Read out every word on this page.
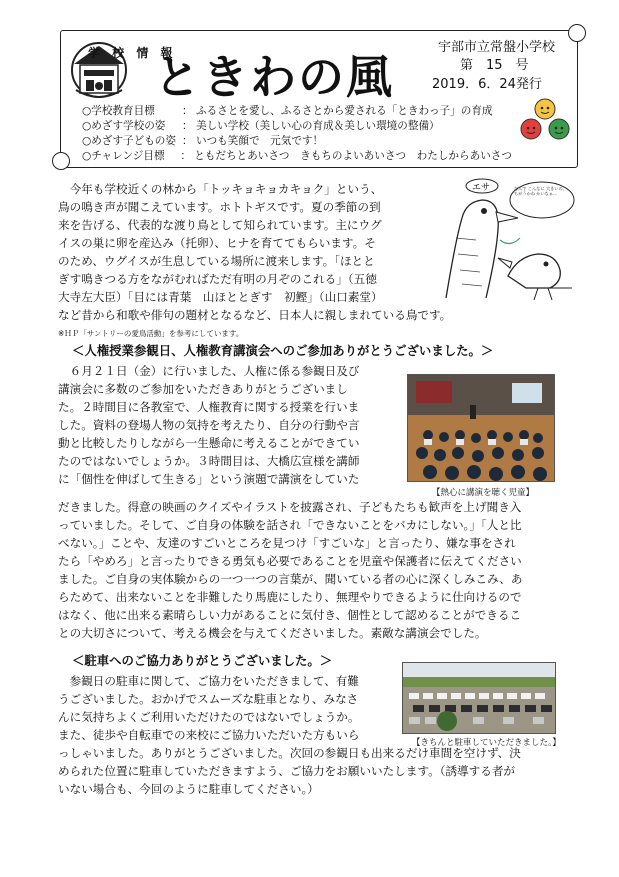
学 校 情 報
ときわの風
宇部市立常盤小学校
第　15　号
2019．6．24発行
○学校教育目標	： ふるさとを愛し、ふるさとから愛される「ときわっ子」の育成
○めざす学校の姿	： 美しい学校（美しい心の育成＆美しい環境の整備）
○めざす子どもの姿 ： いつも笑顔で　元気です！
○チャレンジ目標	： ともだちとあいさつ　きもちのよいあいさつ　わたしからあいさつ
　今年も学校近くの林から「トッキョキョカキョク」という、
鳥の鳴き声が聞こえています。ホトトギスです。夏の季節の到
来を告げる、代表的な渡り鳥として知られています。主にウグ
イスの巣に卵を産込み（托卵）、ヒナを育ててもらいます。そ
のため、ウグイスが生息している場所に渡来します。「ほとと
ぎす鳴きつる方をながむればただ有明の月ぞのこれる」（五徳
大寺左大臣）「目には青葉　山ほととぎす　初鰹」（山口素堂）
など昔から和歌や俳句の題材となるなど、日本人に親しまれている鳥です。
※ＨＰ「サントリーの愛鳥活動」を参考にしています。
エサ	なんで こんなに 大きいの、ちがうかね かいなぁ…
＜人権授業参観日、人権教育講演会へのご参加ありがとうございました。＞
　６月２１日（金）に行いました、人権に係る参観日及び
講演会に多数のご参加をいただきありがとうございまし
た。２時間目に各教室で、人権教育に関する授業を行いま
した。資料の登場人物の気持を考えたり、自分の行動や言
動と比較したりしながら一生懸命に考えることができてい
たのではないでしょうか。３時間目は、大橋広宣様を講師
に「個性を伸ばして生きる」という演題で講演をしていた
【熱心に講演を聴く児童】
だきました。得意の映画のクイズやイラストを披露され、子どもたちも歓声を上げ聞き入
っていました。そして、ご自身の体験を話され「できないことをバカにしない。」「人と比
べない。」ことや、友達のすごいところを見つけ「すごいな」と言ったり、嫌な事をされ
たら「やめろ」と言ったりできる勇気も必要であることを児童や保護者に伝えてください
ました。ご自身の実体験からの一つ一つの言葉が、聞いている者の心に深くしみこみ、あ
らためて、出来ないことを非難したり馬鹿にしたり、無理やりできるように仕向けるので
はなく、他に出来る素晴らしい力があることに気付き、個性として認めることができるこ
との大切さについて、考える機会を与えてくださいました。素敵な講演会でした。
＜駐車へのご協力ありがとうございました。＞
　参観日の駐車に関して、ご協力をいただきまして、有難
うございました。おかげでスムーズな駐車となり、みなさ
んに気持ちよくご利用いただけたのではないでしょうか。
また、徒歩や自転車での来校にご協力いただいた方もいら
【きちんと駐車していただきました。】
っしゃいました。ありがとうございました。次回の参観日も出来るだけ車間を空けず、決
められた位置に駐車していただきますよう、ご協力をお願いいたします。（誘導する者が
いない場合も、今回のように駐車してください。）
